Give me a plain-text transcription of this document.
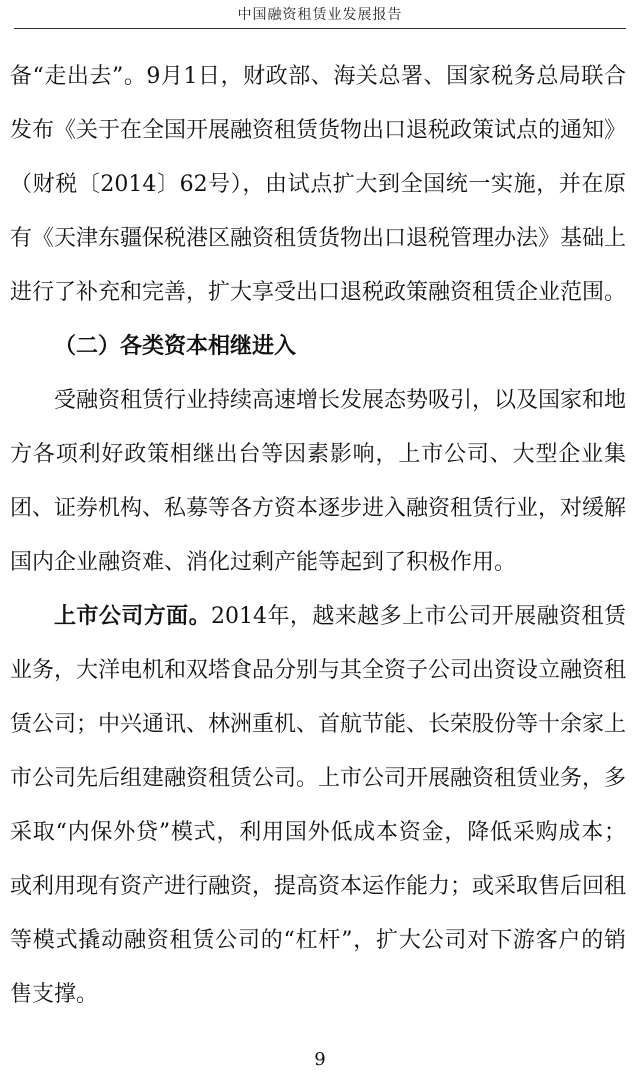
中国融资租赁业发展报告

备“走出去”。9月1日，财政部、海关总署、国家税务总局联合发布《关于在全国开展融资租赁货物出口退税政策试点的通知》（财税〔2014〕62号），由试点扩大到全国统一实施，并在原有《天津东疆保税港区融资租赁货物出口退税管理办法》基础上进行了补充和完善，扩大享受出口退税政策融资租赁企业范围。

（二）各类资本相继进入

受融资租赁行业持续高速增长发展态势吸引，以及国家和地方各项利好政策相继出台等因素影响，上市公司、大型企业集团、证券机构、私募等各方资本逐步进入融资租赁行业，对缓解国内企业融资难、消化过剩产能等起到了积极作用。

上市公司方面。2014年，越来越多上市公司开展融资租赁业务，大洋电机和双塔食品分别与其全资子公司出资设立融资租赁公司；中兴通讯、林洲重机、首航节能、长荣股份等十余家上市公司先后组建融资租赁公司。上市公司开展融资租赁业务，多采取“内保外贷”模式，利用国外低成本资金，降低采购成本；或利用现有资产进行融资，提高资本运作能力；或采取售后回租等模式撬动融资租赁公司的“杠杆”，扩大公司对下游客户的销售支撑。

9
